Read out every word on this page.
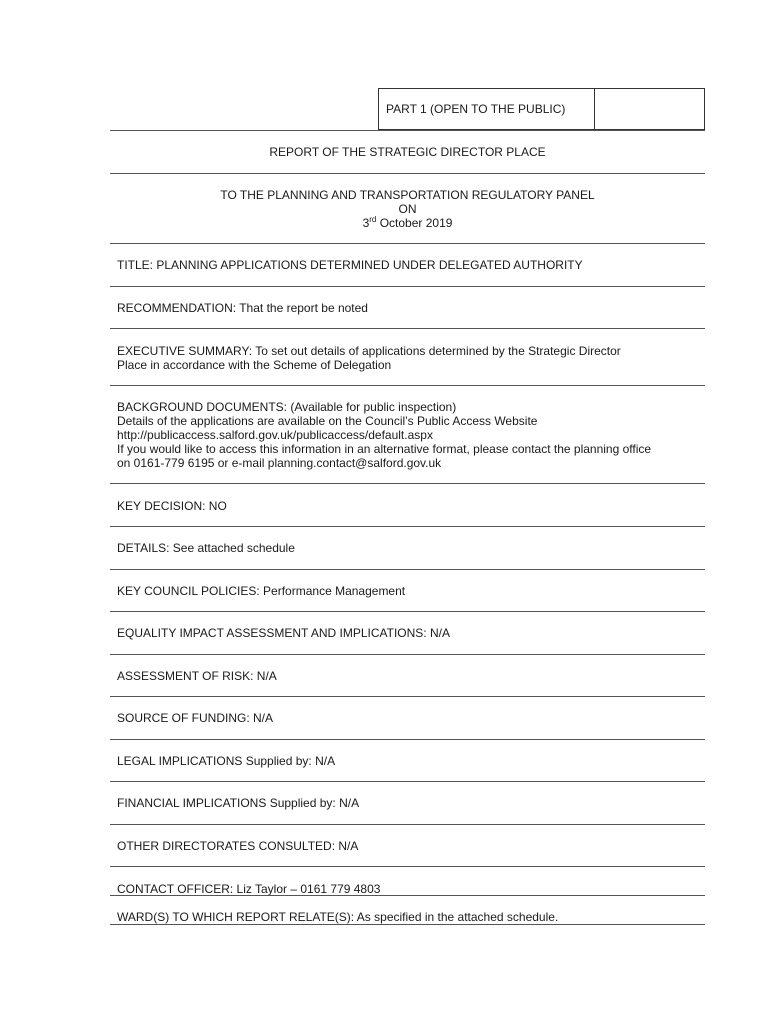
PART 1 (OPEN TO THE PUBLIC)
REPORT OF THE STRATEGIC DIRECTOR PLACE
TO THE PLANNING AND TRANSPORTATION REGULATORY PANEL
ON
3rd October 2019
TITLE: PLANNING APPLICATIONS DETERMINED UNDER DELEGATED AUTHORITY
RECOMMENDATION: That the report be noted
EXECUTIVE SUMMARY: To set out details of applications determined by the Strategic Director
Place in accordance with the Scheme of Delegation
BACKGROUND DOCUMENTS: (Available for public inspection)
Details of the applications are available on the Council’s Public Access Website
http://publicaccess.salford.gov.uk/publicaccess/default.aspx
If you would like to access this information in an alternative format, please contact the planning office
on 0161-779 6195 or e-mail planning.contact@salford.gov.uk
KEY DECISION: NO
DETAILS: See attached schedule
KEY COUNCIL POLICIES: Performance Management
EQUALITY IMPACT ASSESSMENT AND IMPLICATIONS: N/A
ASSESSMENT OF RISK: N/A
SOURCE OF FUNDING: N/A
LEGAL IMPLICATIONS Supplied by: N/A
FINANCIAL IMPLICATIONS Supplied by: N/A
OTHER DIRECTORATES CONSULTED: N/A
CONTACT OFFICER: Liz Taylor – 0161 779 4803
WARD(S) TO WHICH REPORT RELATE(S): As specified in the attached schedule.
